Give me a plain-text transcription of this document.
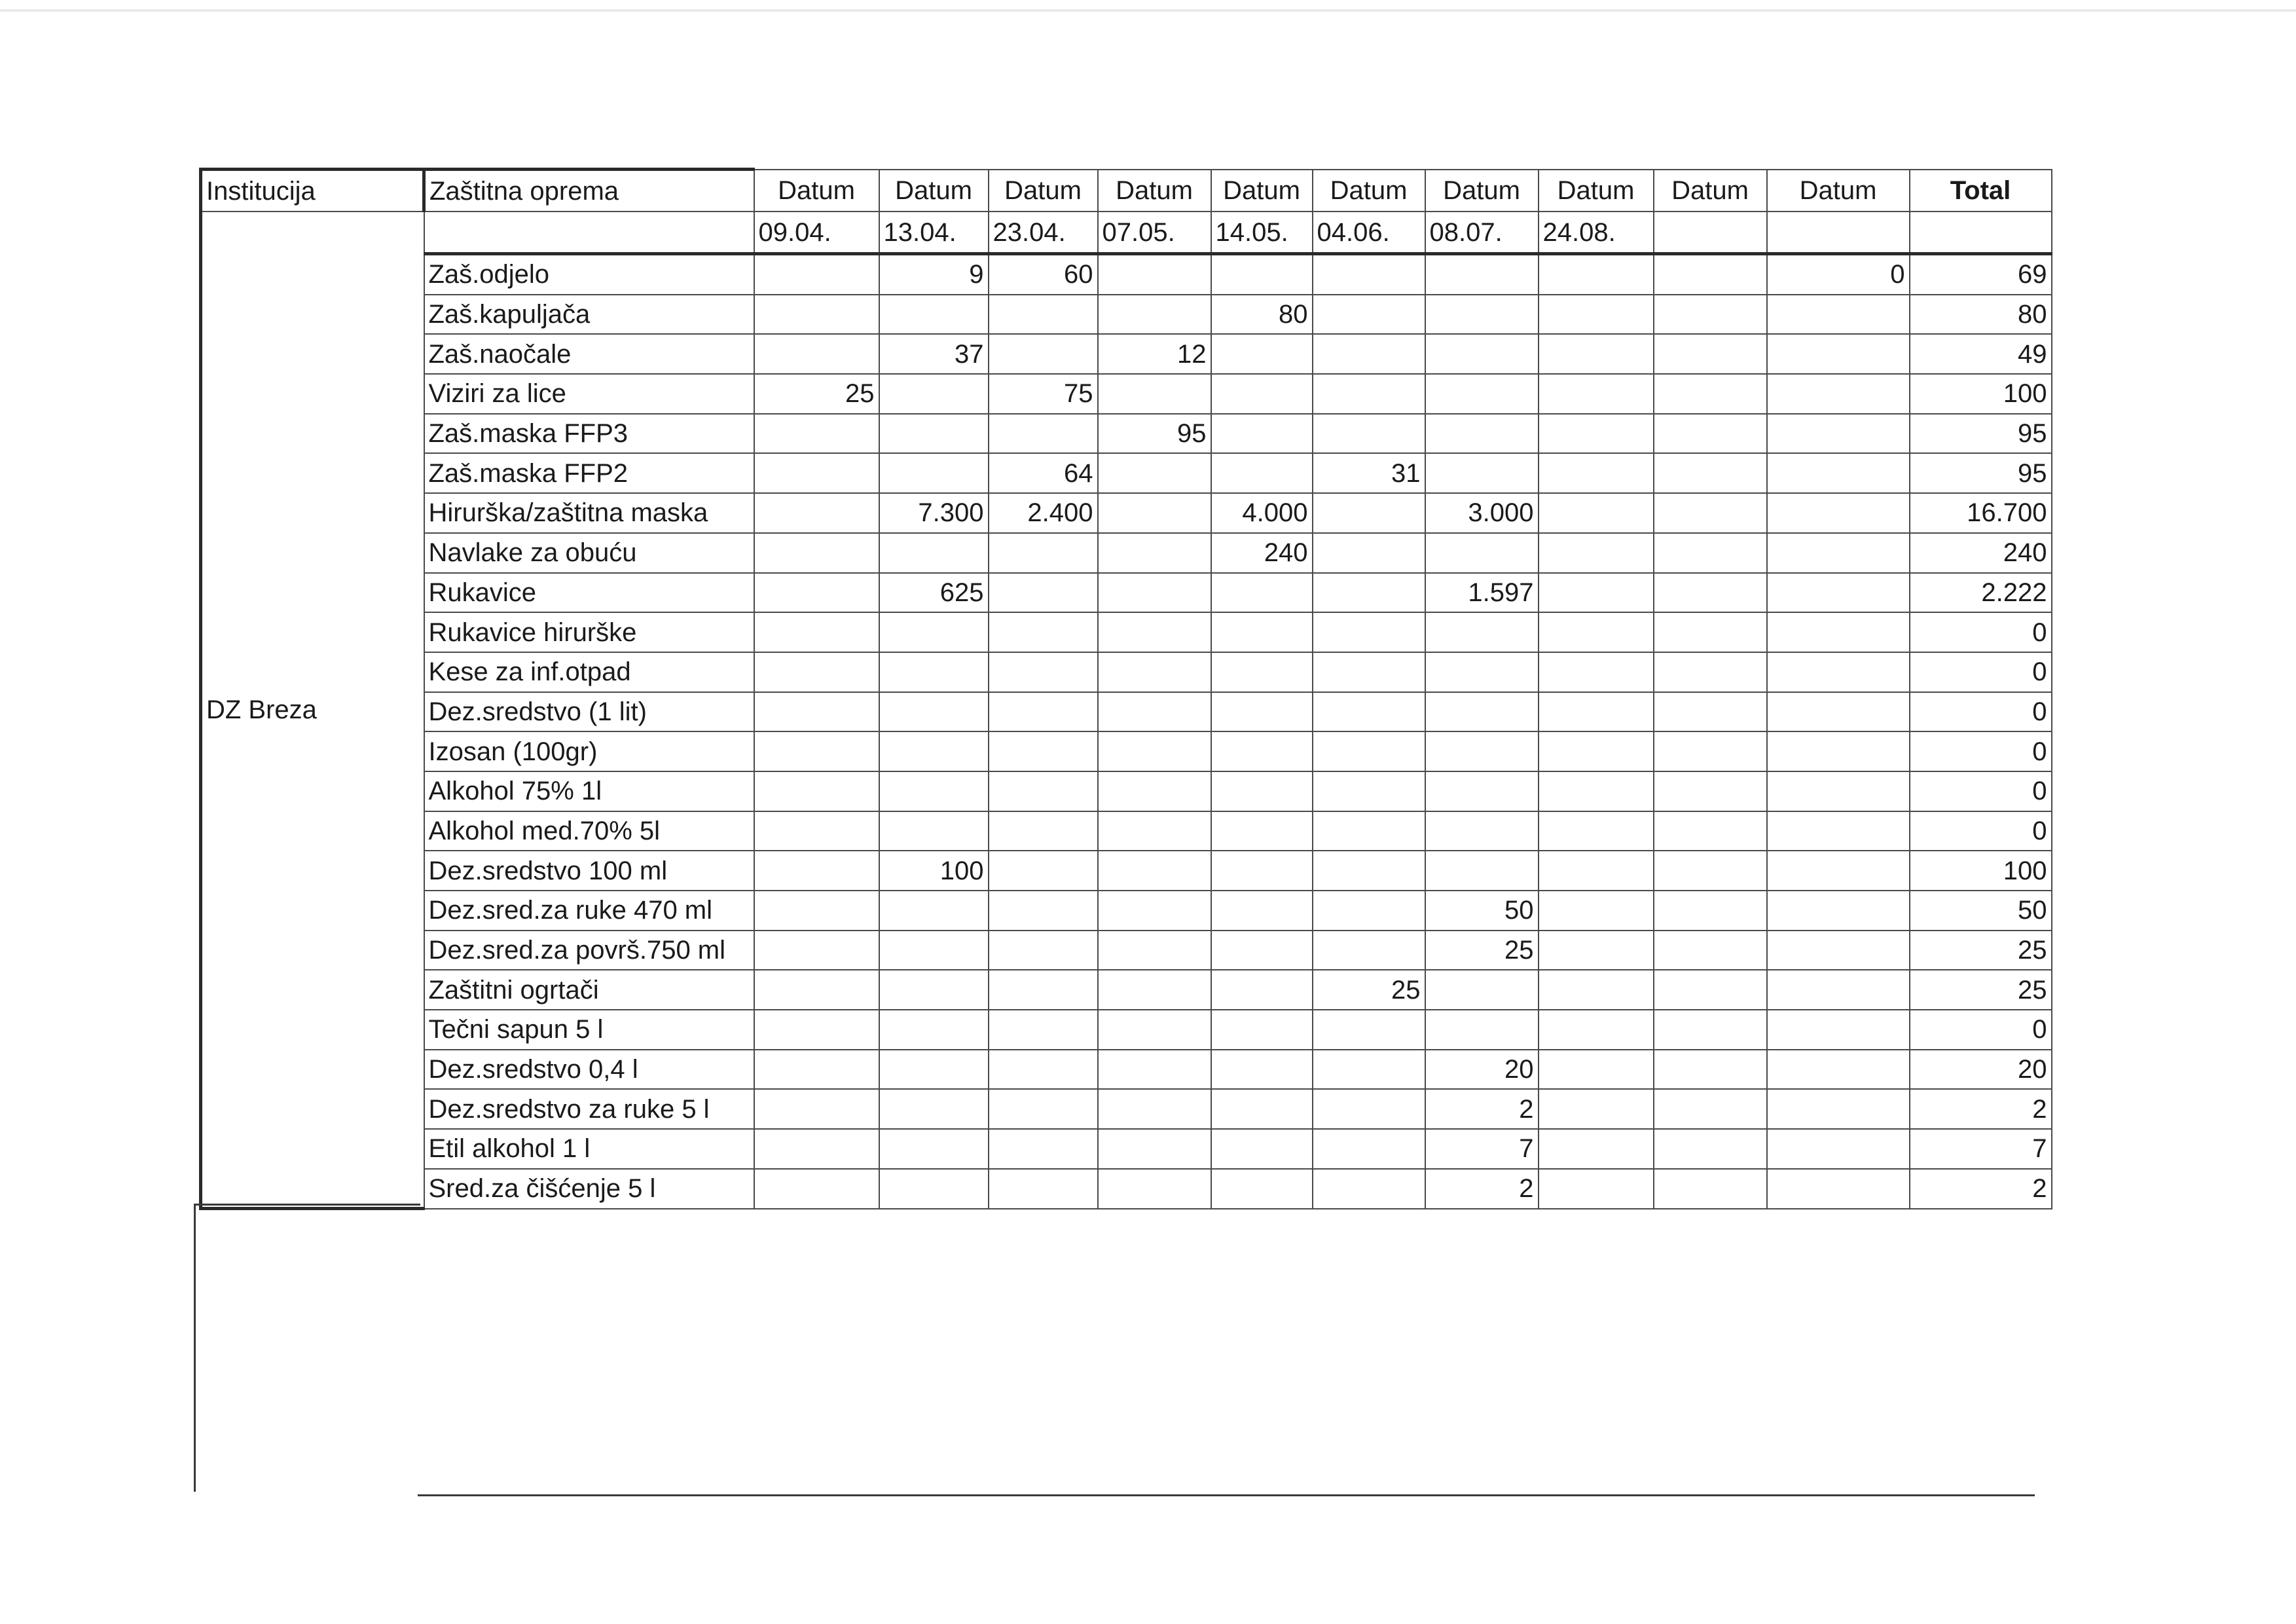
Institucija	Zaštitna oprema	Datum	Datum	Datum	Datum	Datum	Datum	Datum	Datum	Datum	Datum	Total
DZ Breza		09.04.	13.04.	23.04.	07.05.	14.05.	04.06.	08.07.	24.08.			
	Zaš.odjelo		9	60							0	69
	Zaš.kapuljača					80						80
	Zaš.naočale		37		12							49
	Viziri za lice	25		75								100
	Zaš.maska FFP3				95							95
	Zaš.maska FFP2			64			31					95
	Hirurška/zaštitna maska		7.300	2.400		4.000		3.000				16.700
	Navlake za obuću					240						240
	Rukavice		625					1.597				2.222
	Rukavice hirurške											0
	Kese za inf.otpad											0
	Dez.sredstvo (1 lit)											0
	Izosan (100gr)											0
	Alkohol 75% 1l											0
	Alkohol med.70% 5l											0
	Dez.sredstvo 100 ml		100									100
	Dez.sred.za ruke 470 ml							50				50
	Dez.sred.za površ.750 ml							25				25
	Zaštitni ogrtači						25					25
	Tečni sapun 5 l											0
	Dez.sredstvo 0,4 l							20				20
	Dez.sredstvo za ruke 5 l							2				2
	Etil alkohol 1 l							7				7
	Sred.za čišćenje 5 l							2				2
